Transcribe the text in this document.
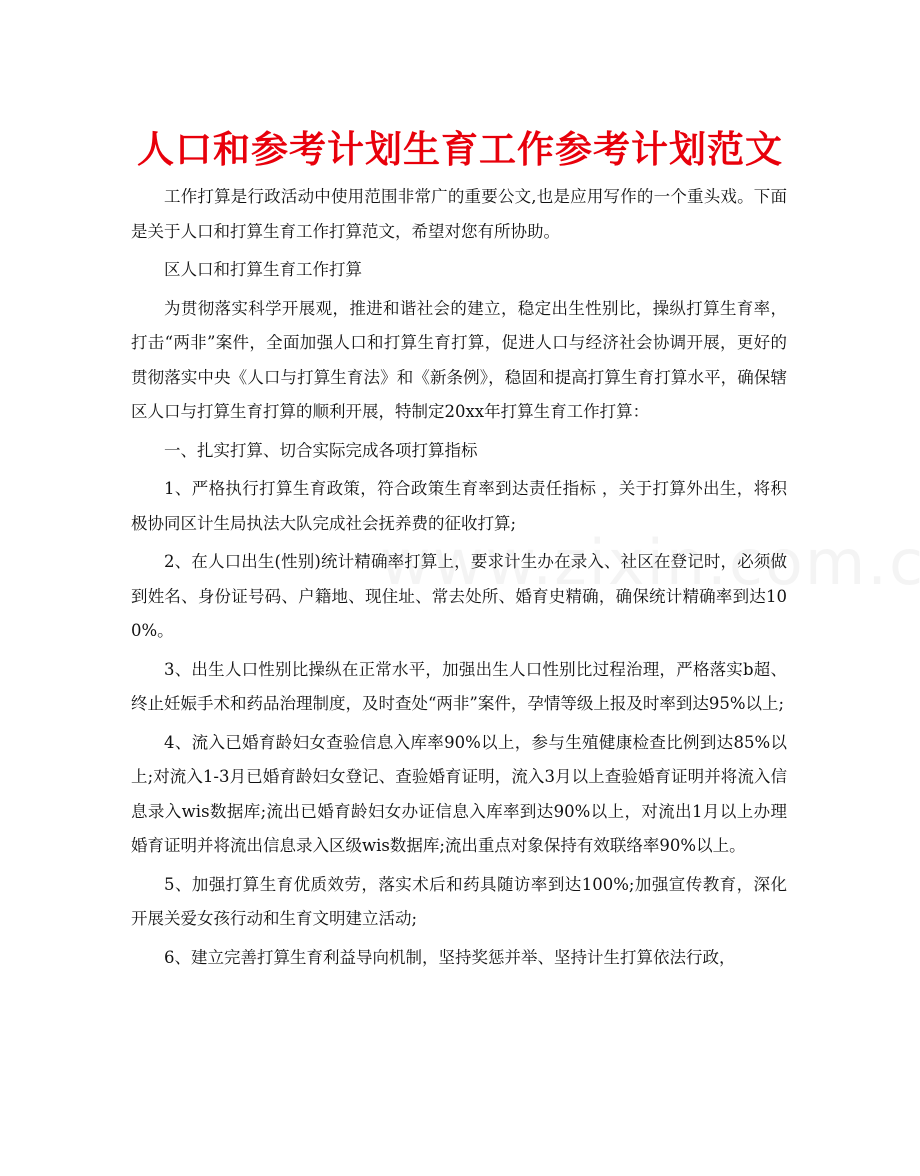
人口和参考计划生育工作参考计划范文

工作打算是行政活动中使用范围非常广的重要公文,也是应用写作的一个重头戏。下面是关于人口和打算生育工作打算范文，希望对您有所协助。

区人口和打算生育工作打算

为贯彻落实科学开展观，推进和谐社会的建立，稳定出生性别比，操纵打算生育率，打击“两非”案件，全面加强人口和打算生育打算，促进人口与经济社会协调开展，更好的贯彻落实中央《人口与打算生育法》和《新条例》，稳固和提高打算生育打算水平，确保辖区人口与打算生育打算的顺利开展，特制定20xx年打算生育工作打算：

一、扎实打算、切合实际完成各项打算指标

1、严格执行打算生育政策，符合政策生育率到达责任指标 ，关于打算外出生，将积极协同区计生局执法大队完成社会抚养费的征收打算;

2、在人口出生(性别)统计精确率打算上，要求计生办在录入、社区在登记时，必须做到姓名、身份证号码、户籍地、现住址、常去处所、婚育史精确，确保统计精确率到达100%。

3、出生人口性别比操纵在正常水平，加强出生人口性别比过程治理，严格落实b超、终止妊娠手术和药品治理制度，及时查处“两非”案件，孕情等级上报及时率到达95%以上;

4、流入已婚育龄妇女查验信息入库率90%以上，参与生殖健康检查比例到达85%以上;对流入1-3月已婚育龄妇女登记、查验婚育证明，流入3月以上查验婚育证明并将流入信息录入wis数据库;流出已婚育龄妇女办证信息入库率到达90%以上，对流出1月以上办理婚育证明并将流出信息录入区级wis数据库;流出重点对象保持有效联络率90%以上。

5、加强打算生育优质效劳，落实术后和药具随访率到达100%;加强宣传教育，深化开展关爱女孩行动和生育文明建立活动;

6、建立完善打算生育利益导向机制，坚持奖惩并举、坚持计生打算依法行政，
